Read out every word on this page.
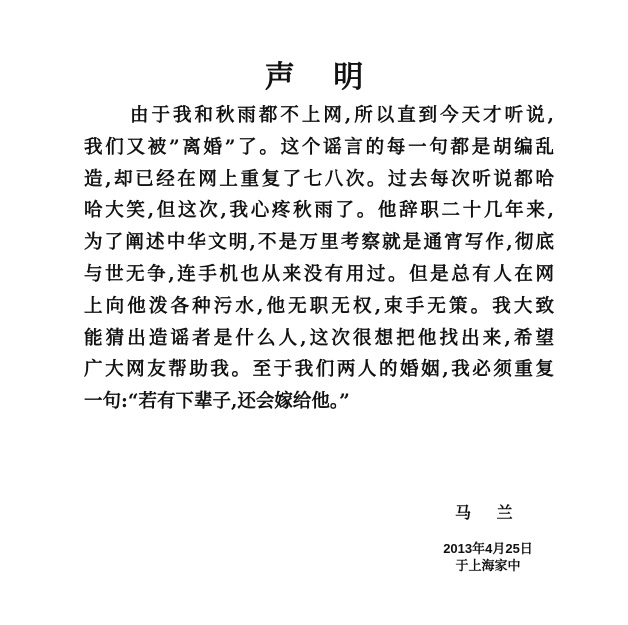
声 明
由于我和秋雨都不上网,所以直到今天才听说,
我们又被”离婚”了。这个谣言的每一句都是胡编乱
造,却已经在网上重复了七八次。过去每次听说都哈
哈大笑,但这次,我心疼秋雨了。他辞职二十几年来,
为了阐述中华文明,不是万里考察就是通宵写作,彻底
与世无争,连手机也从来没有用过。但是总有人在网
上向他泼各种污水,他无职无权,束手无策。我大致
能猜出造谣者是什么人,这次很想把他找出来,希望
广大网友帮助我。至于我们两人的婚姻,我必须重复
一句:“若有下辈子,还会嫁给他。”
马 兰
2013年4月25日
于上海家中
